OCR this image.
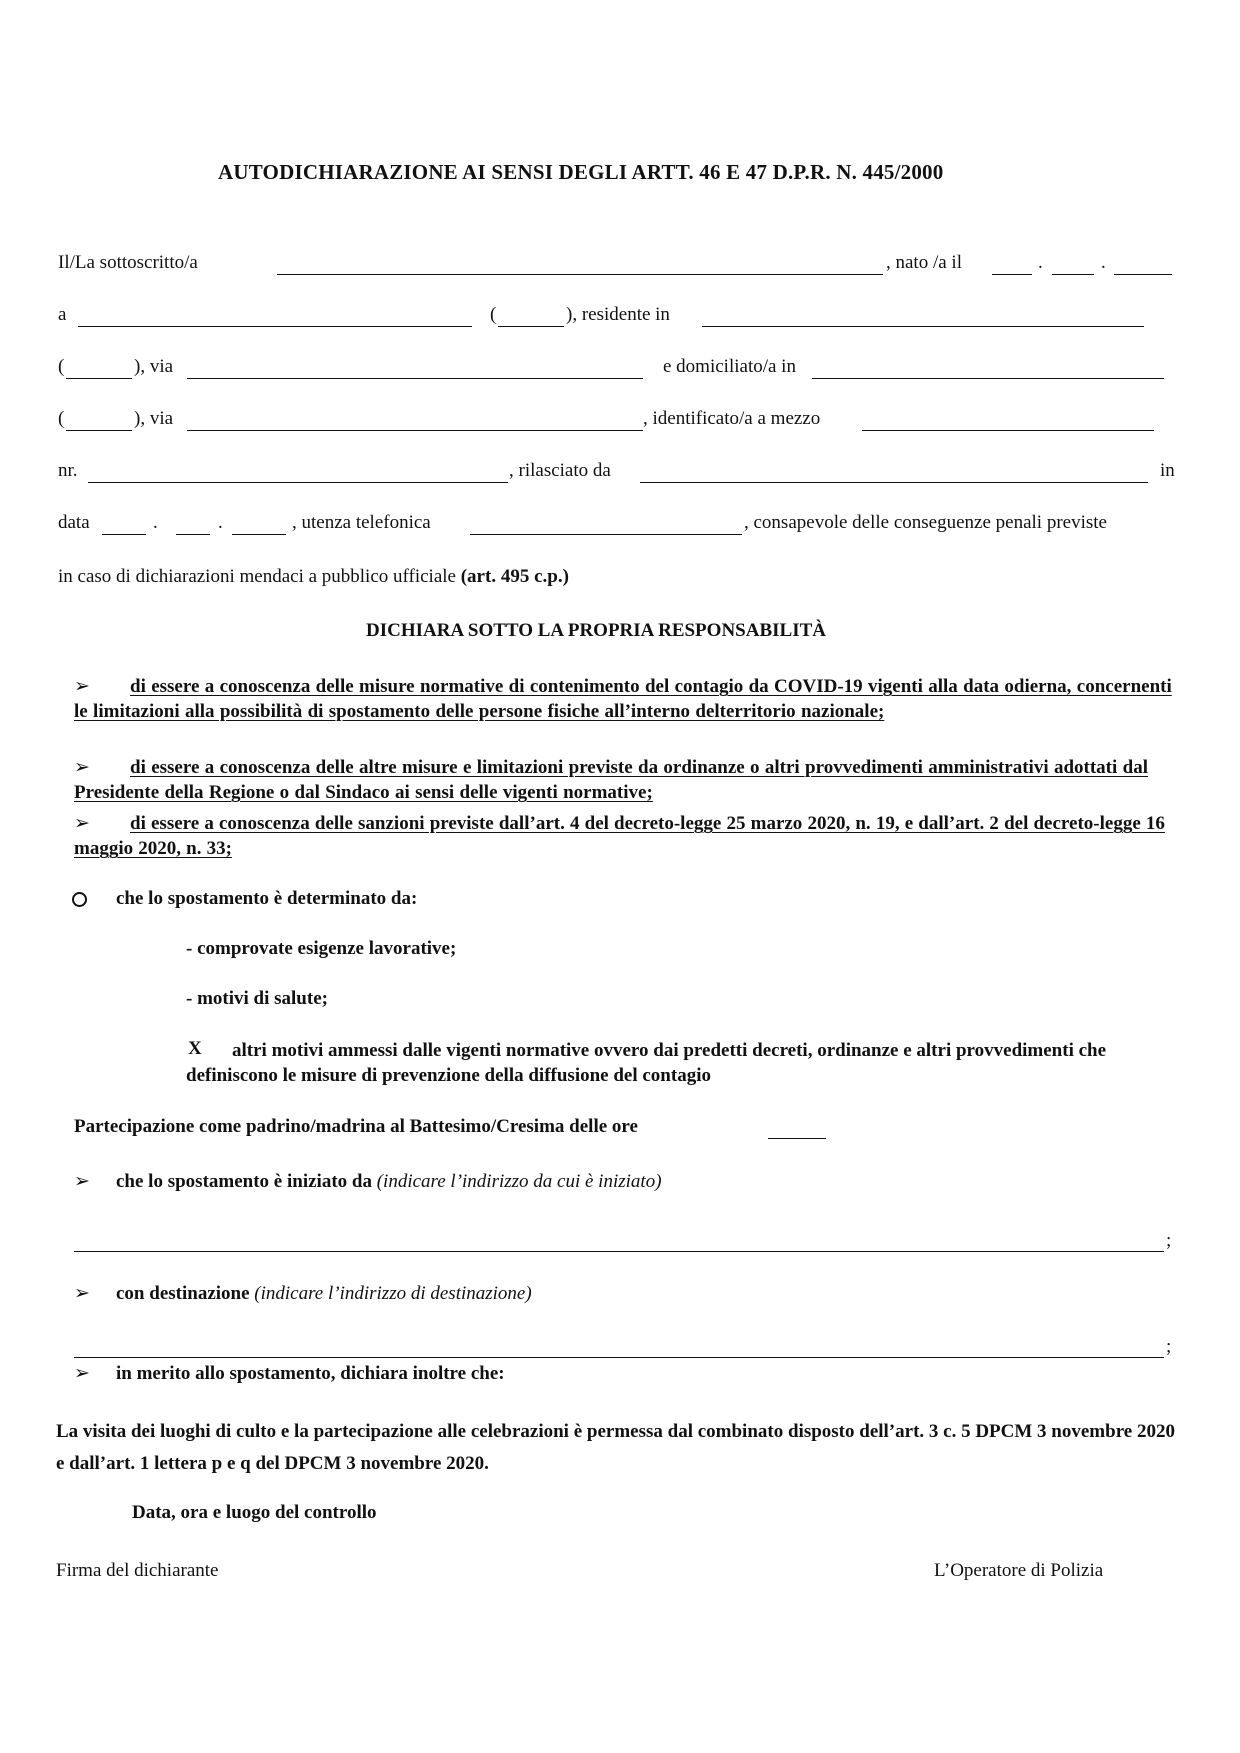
AUTODICHIARAZIONE AI SENSI DEGLI ARTT. 46 E 47 D.P.R. N. 445/2000
Il/La sottoscritto/a	, nato /a il	.	.
a	(	), residente in
(	), via	e domiciliato/a in
(	), via	, identificato/a a mezzo
nr.	, rilasciato da	in
data	.	.	, utenza telefonica	, consapevole delle conseguenze penali previste
in caso di dichiarazioni mendaci a pubblico ufficiale (art. 495 c.p.)
DICHIARA SOTTO LA PROPRIA RESPONSABILITÀ
➢ di essere a conoscenza delle misure normative di contenimento del contagio da COVID-19 vigenti alla data odierna, concernenti le limitazioni alla possibilità di spostamento delle persone fisiche all’interno delterritorio nazionale;
➢ di essere a conoscenza delle altre misure e limitazioni previste da ordinanze o altri provvedimenti amministrativi adottati dal Presidente della Regione o dal Sindaco ai sensi delle vigenti normative;
➢ di essere a conoscenza delle sanzioni previste dall’art. 4 del decreto-legge 25 marzo 2020, n. 19, e dall’art. 2 del decreto-legge 16 maggio 2020, n. 33;
che lo spostamento è determinato da:
- comprovate esigenze lavorative;
- motivi di salute;
X	altri motivi ammessi dalle vigenti normative ovvero dai predetti decreti, ordinanze e altri provvedimenti che definiscono le misure di prevenzione della diffusione del contagio
Partecipazione come padrino/madrina al Battesimo/Cresima delle ore
➢ che lo spostamento è iniziato da (indicare l’indirizzo da cui è iniziato)
;
➢ con destinazione (indicare l’indirizzo di destinazione)
;
➢ in merito allo spostamento, dichiara inoltre che:
La visita dei luoghi di culto e la partecipazione alle celebrazioni è permessa dal combinato disposto dell’art. 3 c. 5 DPCM 3 novembre 2020 e dall’art. 1 lettera p e q del DPCM 3 novembre 2020.
Data, ora e luogo del controllo
Firma del dichiarante	L’Operatore di Polizia
